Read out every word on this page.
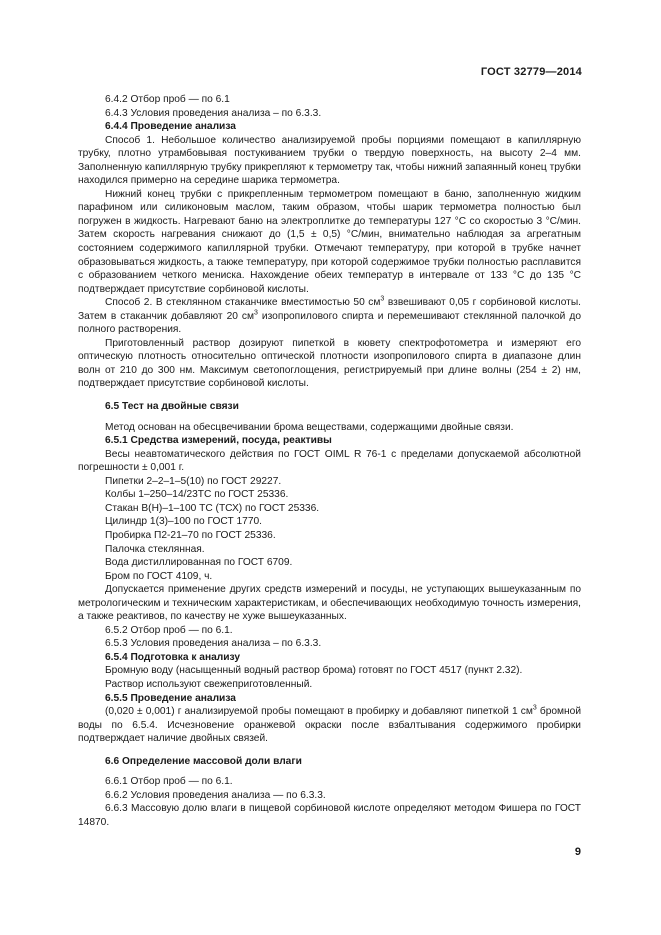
ГОСТ 32779—2014

6.4.2 Отбор проб — по 6.1

6.4.3 Условия проведения анализа – по 6.3.3.

6.4.4 Проведение анализа

Способ 1. Небольшое количество анализируемой пробы порциями помещают в капиллярную трубку, плотно утрамбовывая постукиванием трубки о твердую поверхность, на высоту 2–4 мм. Заполненную капиллярную трубку прикрепляют к термометру так, чтобы нижний запаянный конец трубки находился примерно на середине шарика термометра.

Нижний конец трубки с прикрепленным термометром помещают в баню, заполненную жидким парафином или силиконовым маслом, таким образом, чтобы шарик термометра полностью был погружен в жидкость. Нагревают баню на электроплитке до температуры 127 °С со скоростью 3 °С/мин. Затем скорость нагревания снижают до (1,5 ± 0,5) °С/мин, внимательно наблюдая за агрегатным состоянием содержимого капиллярной трубки. Отмечают температуру, при которой в трубке начнет образовываться жидкость, а также температуру, при которой содержимое трубки полностью расплавится с образованием четкого мениска. Нахождение обеих температур в интервале от 133 °С до 135 °С подтверждает присутствие сорбиновой кислоты.

Способ 2. В стеклянном стаканчике вместимостью 50 $см^3$ взвешивают 0,05 г сорбиновой кислоты. Затем в стаканчик добавляют 20 $см^3$ изопропилового спирта и перемешивают стеклянной палочкой до полного растворения.

Приготовленный раствор дозируют пипеткой в кювету спектрофотометра и измеряют его оптическую плотность относительно оптической плотности изопропилового спирта в диапазоне длин волн от 210 до 300 нм. Максимум светопоглощения, регистрируемый при длине волны (254 ± 2) нм, подтверждает присутствие сорбиновой кислоты.

6.5 Тест на двойные связи

Метод основан на обесцвечивании брома веществами, содержащими двойные связи.

6.5.1 Средства измерений, посуда, реактивы

Весы неавтоматического действия по ГОСТ OIML R 76-1 с пределами допускаемой абсолютной погрешности ± 0,001 г.

Пипетки 2–2–1–5(10) по ГОСТ 29227.

Колбы 1–250–14/23ТС по ГОСТ 25336.

Стакан В(Н)–1–100 ТС (ТСХ) по ГОСТ 25336.

Цилиндр 1(3)–100 по ГОСТ 1770.

Пробирка П2-21–70 по ГОСТ 25336.

Палочка стеклянная.

Вода дистиллированная по ГОСТ 6709.

Бром по ГОСТ 4109, ч.

Допускается применение других средств измерений и посуды, не уступающих вышеуказанным по метрологическим и техническим характеристикам, и обеспечивающих необходимую точность измерения, а также реактивов, по качеству не хуже вышеуказанных.

6.5.2 Отбор проб — по 6.1.

6.5.3 Условия проведения анализа – по 6.3.3.

6.5.4 Подготовка к анализу

Бромную воду (насыщенный водный раствор брома) готовят по ГОСТ 4517 (пункт 2.32).

Раствор используют свежеприготовленный.

6.5.5 Проведение анализа

(0,020 ± 0,001) г анализируемой пробы помещают в пробирку и добавляют пипеткой 1 $см^3$ бромной воды по 6.5.4. Исчезновение оранжевой окраски после взбалтывания содержимого пробирки подтверждает наличие двойных связей.

6.6 Определение массовой доли влаги

6.6.1 Отбор проб — по 6.1.

6.6.2 Условия проведения анализа — по 6.3.3.

6.6.3 Массовую долю влаги в пищевой сорбиновой кислоте определяют методом Фишера по ГОСТ 14870.

9
